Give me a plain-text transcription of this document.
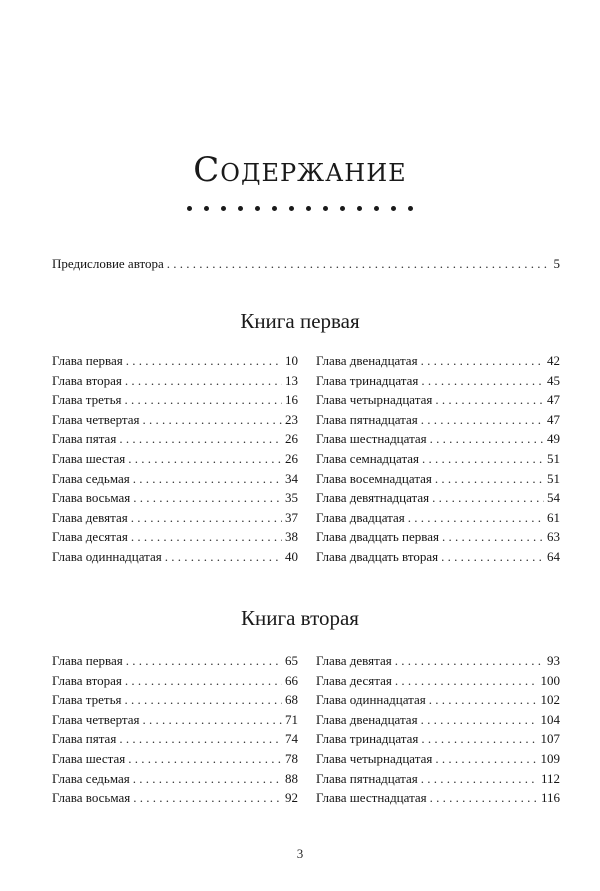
Содержание
Предисловие автора . . .	5
Книга первая
Глава первая . . .	10
Глава вторая . . .	13
Глава третья . . .	16
Глава четвертая . . .	23
Глава пятая . . .	26
Глава шестая . . .	26
Глава седьмая . . .	34
Глава восьмая . . .	35
Глава девятая . . .	37
Глава десятая . . .	38
Глава одиннадцатая . . .	40
Глава двенадцатая . . .	42
Глава тринадцатая . . .	45
Глава четырнадцатая . . .	47
Глава пятнадцатая . . .	47
Глава шестнадцатая . . .	49
Глава семнадцатая . . .	51
Глава восемнадцатая . . .	51
Глава девятнадцатая . . .	54
Глава двадцатая . . .	61
Глава двадцать первая . . .	63
Глава двадцать вторая . . .	64
Книга вторая
Глава первая . . .	65
Глава вторая . . .	66
Глава третья . . .	68
Глава четвертая . . .	71
Глава пятая . . .	74
Глава шестая . . .	78
Глава седьмая . . .	88
Глава восьмая . . .	92
Глава девятая . . .	93
Глава десятая . . .	100
Глава одиннадцатая . . .	102
Глава двенадцатая . . .	104
Глава тринадцатая . . .	107
Глава четырнадцатая . . .	109
Глава пятнадцатая . . .	112
Глава шестнадцатая . . .	116
3
